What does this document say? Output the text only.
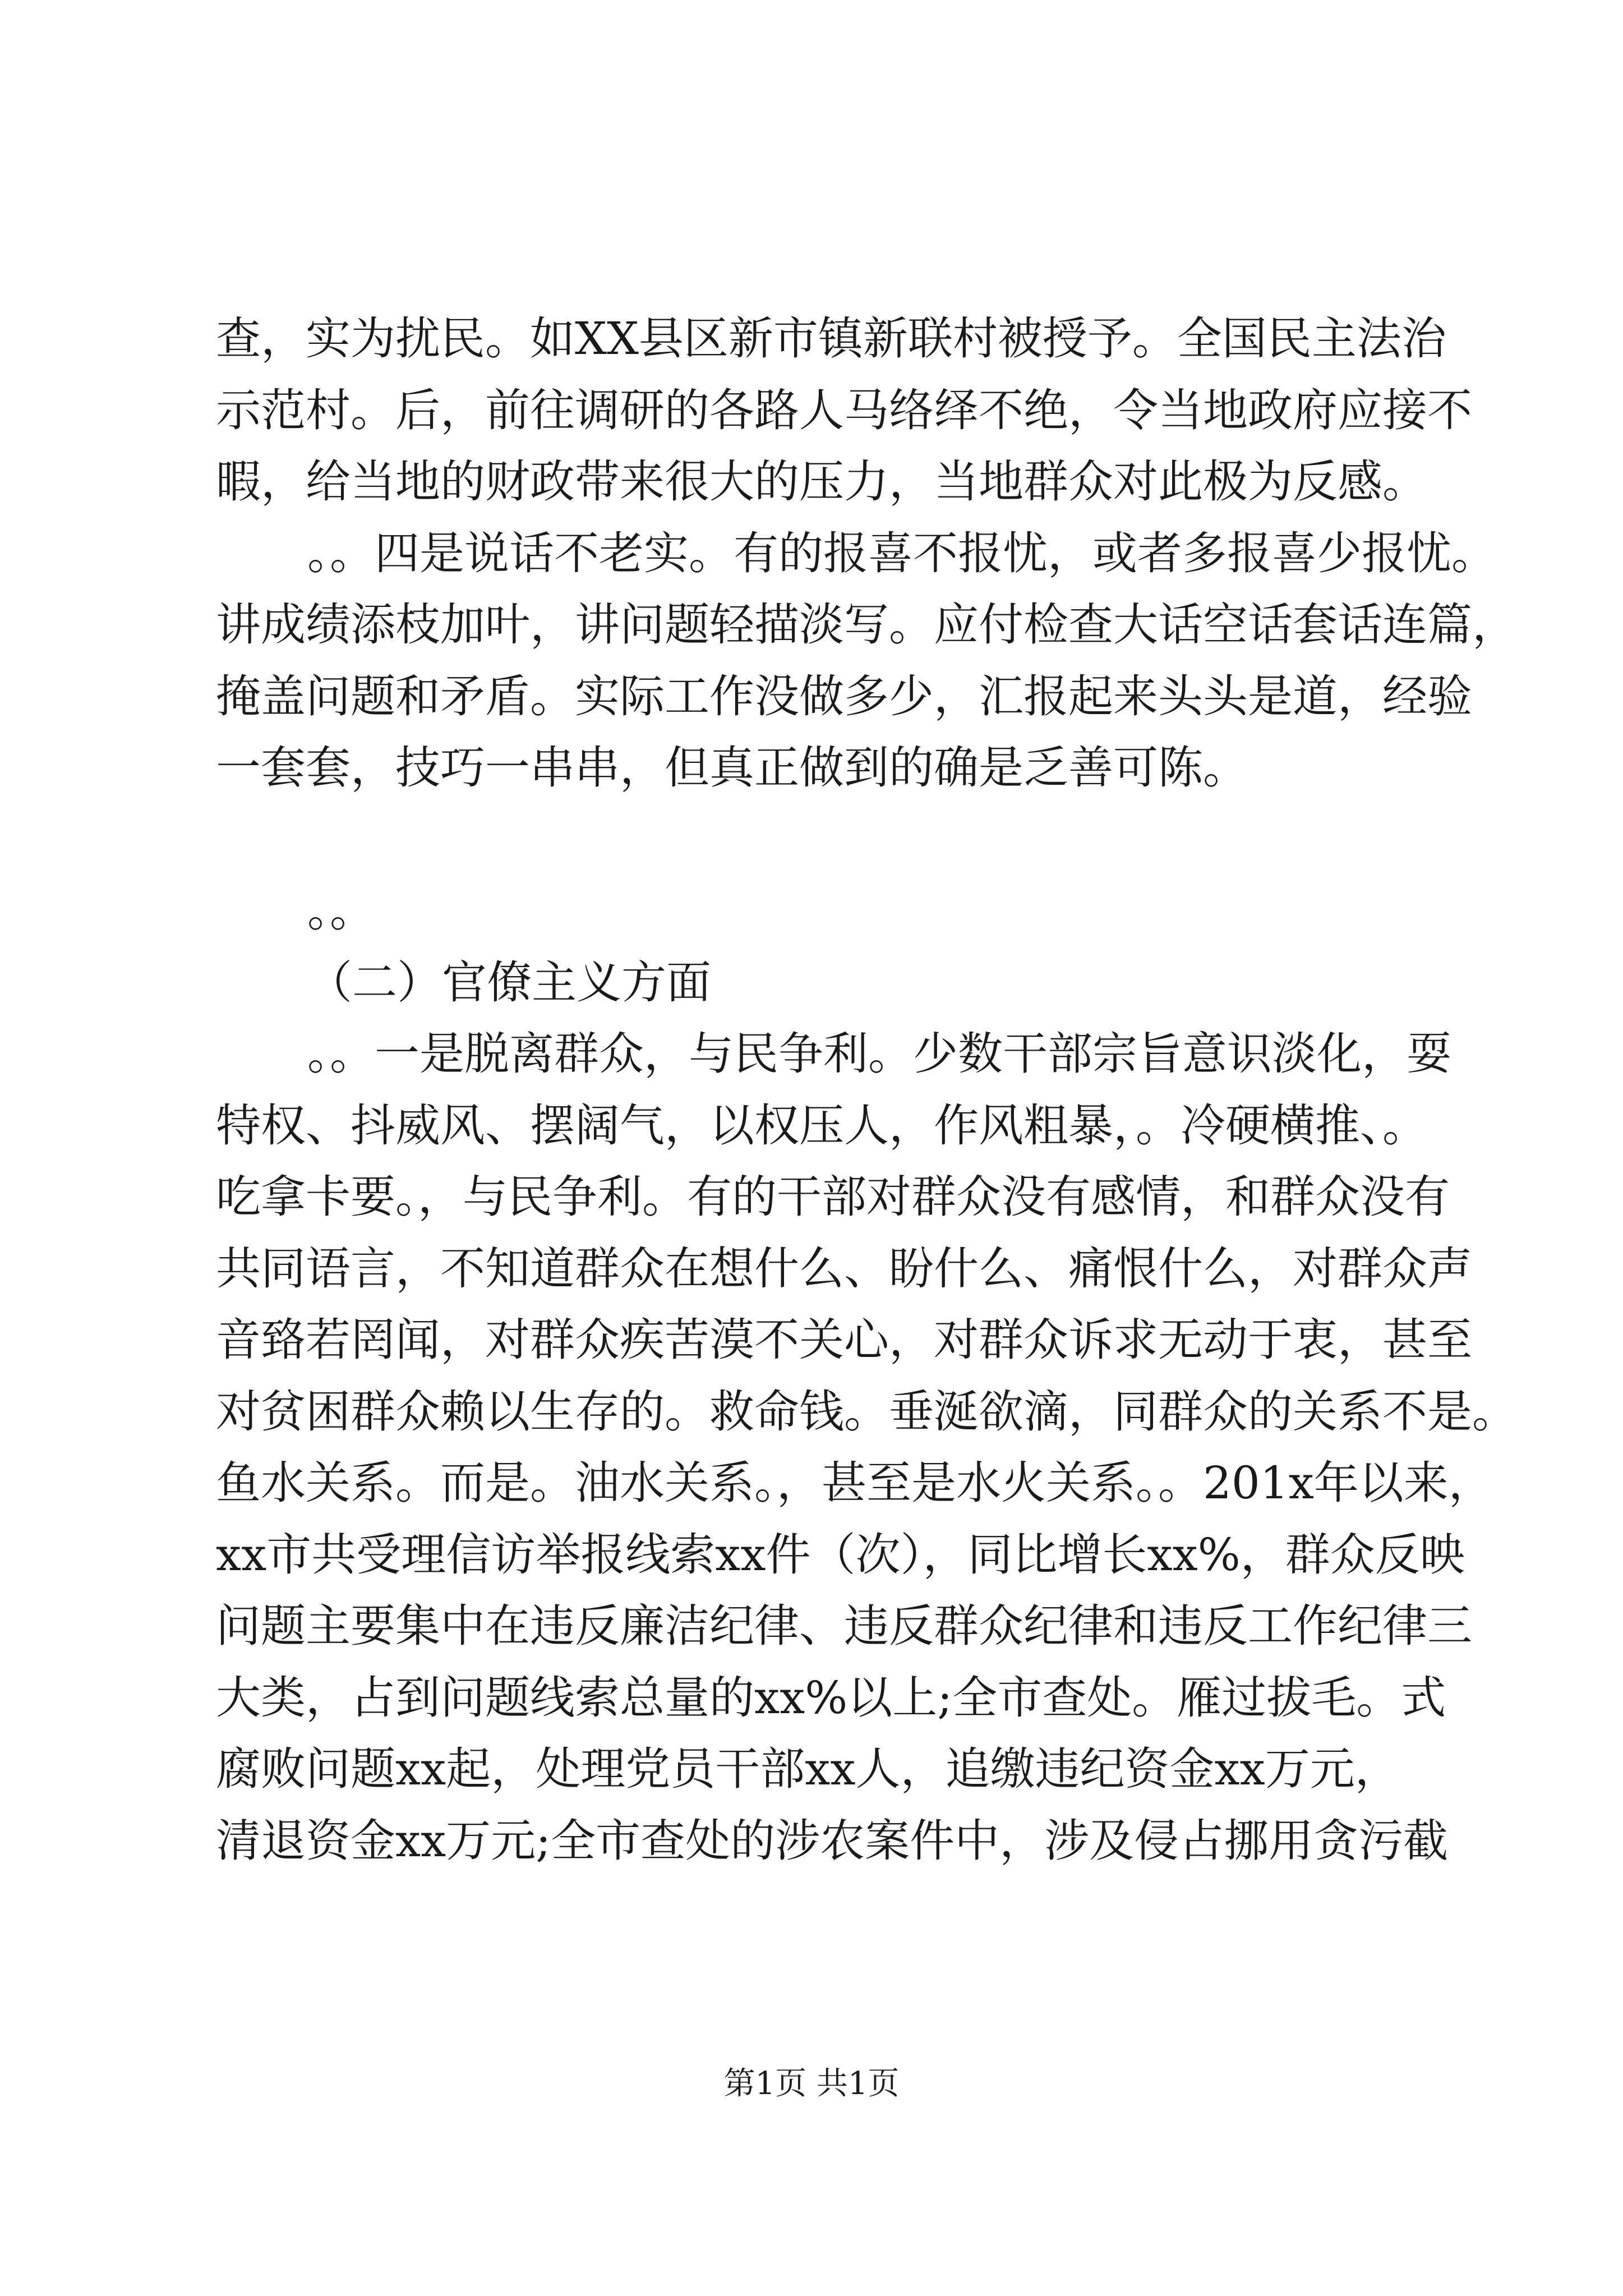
查，实为扰民。如XX县区新市镇新联村被授予。全国民主法治
示范村。后，前往调研的各路人马络绎不绝，令当地政府应接不
暇，给当地的财政带来很大的压力，当地群众对此极为反感。
。。四是说话不老实。有的报喜不报忧，或者多报喜少报忧。
讲成绩添枝加叶，讲问题轻描淡写。应付检查大话空话套话连篇，
掩盖问题和矛盾。实际工作没做多少，汇报起来头头是道，经验
一套套，技巧一串串，但真正做到的确是乏善可陈。
。。
（二）官僚主义方面
。。一是脱离群众，与民争利。少数干部宗旨意识淡化，耍
特权、抖威风、摆阔气，以权压人，作风粗暴，。冷硬横推、。
吃拿卡要。，与民争利。有的干部对群众没有感情，和群众没有
共同语言，不知道群众在想什么、盼什么、痛恨什么，对群众声
音臵若罔闻，对群众疾苦漠不关心，对群众诉求无动于衷，甚至
对贫困群众赖以生存的。救命钱。垂涎欲滴，同群众的关系不是。
鱼水关系。而是。油水关系。，甚至是水火关系。。201x年以来，
xx市共受理信访举报线索xx件（次），同比增长xx%，群众反映
问题主要集中在违反廉洁纪律、违反群众纪律和违反工作纪律三
大类，占到问题线索总量的xx%以上;全市查处。雁过拔毛。式
腐败问题xx起，处理党员干部xx人，追缴违纪资金xx万元，
清退资金xx万元;全市查处的涉农案件中，涉及侵占挪用贪污截
第1页 共1页
